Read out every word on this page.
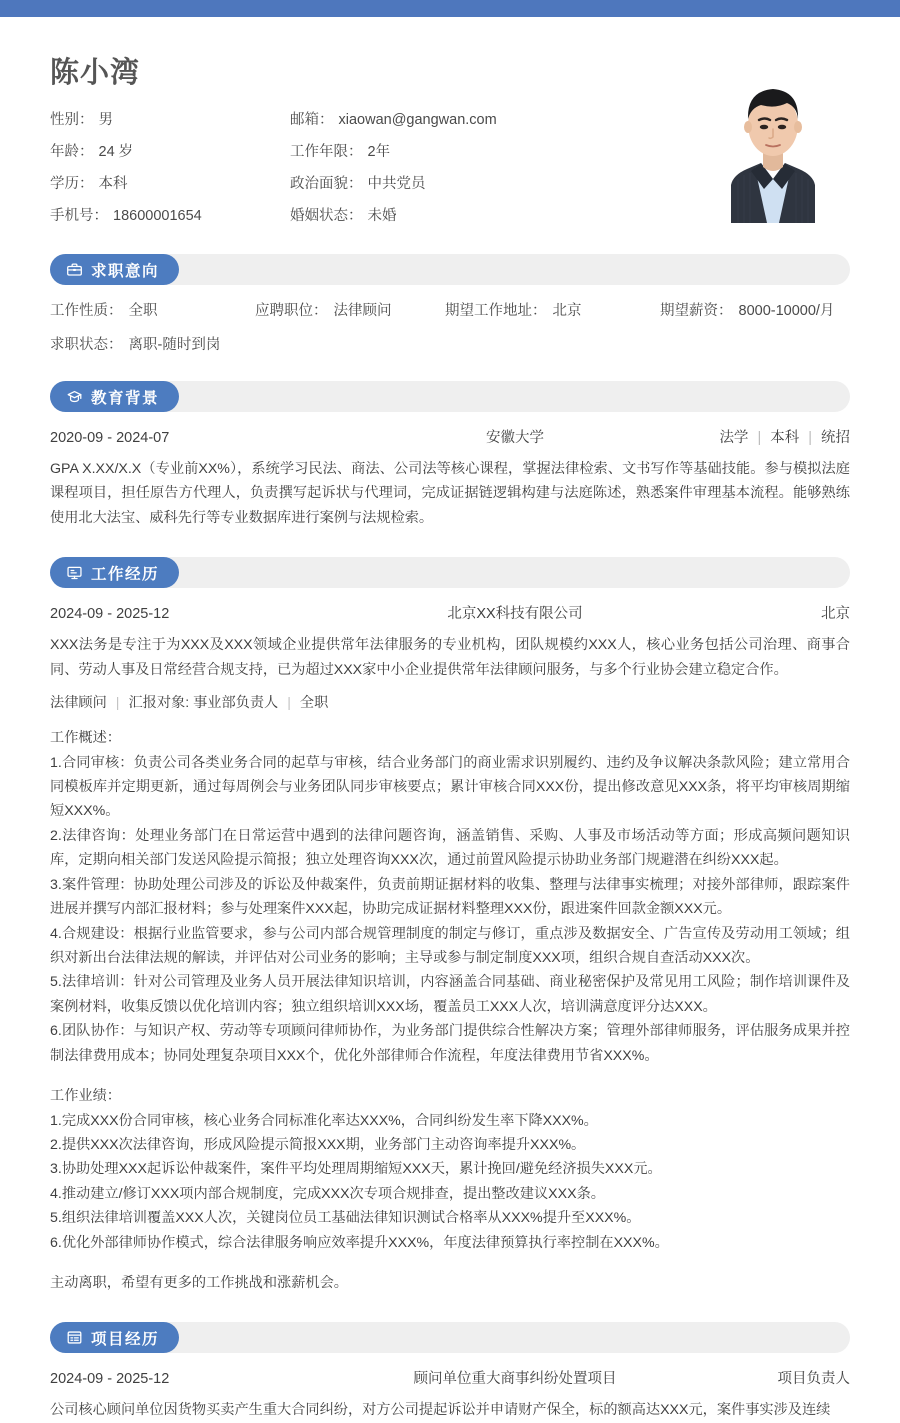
陈小湾
性别： 男	邮箱： xiaowan@gangwan.com
年龄： 24 岁	工作年限： 2年
学历： 本科	政治面貌： 中共党员
手机号： 18600001654	婚姻状态： 未婚
求职意向
工作性质： 全职	应聘职位： 法律顾问	期望工作地址： 北京	期望薪资： 8000-10000/月
求职状态： 离职-随时到岗
教育背景
2020-09 - 2024-07	安徽大学	法学 | 本科 | 统招
GPA X.XX/X.X（专业前XX%），系统学习民法、商法、公司法等核心课程，掌握法律检索、文书写作等基础技能。参与模拟法庭课程项目，担任原告方代理人，负责撰写起诉状与代理词，完成证据链逻辑构建与法庭陈述，熟悉案件审理基本流程。能够熟练使用北大法宝、威科先行等专业数据库进行案例与法规检索。
工作经历
2024-09 - 2025-12	北京XX科技有限公司	北京
XXX法务是专注于为XXX及XXX领域企业提供常年法律服务的专业机构，团队规模约XXX人，核心业务包括公司治理、商事合同、劳动人事及日常经营合规支持，已为超过XXX家中小企业提供常年法律顾问服务，与多个行业协会建立稳定合作。
法律顾问 | 汇报对象: 事业部负责人 | 全职

工作概述：

1.合同审核：负责公司各类业务合同的起草与审核，结合业务部门的商业需求识别履约、违约及争议解决条款风险；建立常用合同模板库并定期更新，通过每周例会与业务团队同步审核要点；累计审核合同XXX份，提出修改意见XXX条，将平均审核周期缩短XXX%。

2.法律咨询：处理业务部门在日常运营中遇到的法律问题咨询，涵盖销售、采购、人事及市场活动等方面；形成高频问题知识库，定期向相关部门发送风险提示简报；独立处理咨询XXX次，通过前置风险提示协助业务部门规避潜在纠纷XXX起。

3.案件管理：协助处理公司涉及的诉讼及仲裁案件，负责前期证据材料的收集、整理与法律事实梳理；对接外部律师，跟踪案件进展并撰写内部汇报材料；参与处理案件XXX起，协助完成证据材料整理XXX份，跟进案件回款金额XXX元。

4.合规建设：根据行业监管要求，参与公司内部合规管理制度的制定与修订，重点涉及数据安全、广告宣传及劳动用工领域；组织对新出台法律法规的解读，并评估对公司业务的影响；主导或参与制定制度XXX项，组织合规自查活动XXX次。

5.法律培训：针对公司管理及业务人员开展法律知识培训，内容涵盖合同基础、商业秘密保护及常见用工风险；制作培训课件及案例材料，收集反馈以优化培训内容；独立组织培训XXX场，覆盖员工XXX人次，培训满意度评分达XXX。

6.团队协作：与知识产权、劳动等专项顾问律师协作，为业务部门提供综合性解决方案；管理外部律师服务，评估服务成果并控制法律费用成本；协同处理复杂项目XXX个，优化外部律师合作流程，年度法律费用节省XXX%。

工作业绩：

1.完成XXX份合同审核，核心业务合同标准化率达XXX%，合同纠纷发生率下降XXX%。

2.提供XXX次法律咨询，形成风险提示简报XXX期，业务部门主动咨询率提升XXX%。

3.协助处理XXX起诉讼仲裁案件，案件平均处理周期缩短XXX天，累计挽回/避免经济损失XXX元。

4.推动建立/修订XXX项内部合规制度，完成XXX次专项合规排查，提出整改建议XXX条。

5.组织法律培训覆盖XXX人次，关键岗位员工基础法律知识测试合格率从XXX%提升至XXX%。

6.优化外部律师协作模式，综合法律服务响应效率提升XXX%，年度法律预算执行率控制在XXX%。

主动离职，希望有更多的工作挑战和涨薪机会。
项目经历
2024-09 - 2025-12	顾问单位重大商事纠纷处置项目	项目负责人
公司核心顾问单位因货物买卖产生重大合同纠纷，对方公司提起诉讼并申请财产保全，标的额高达XXX元，案件事实涉及连续
